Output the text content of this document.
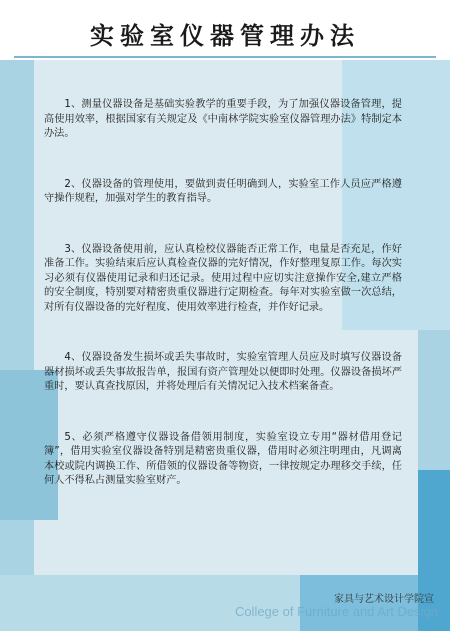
实验室仪器管理办法

1、测量仪器设备是基础实验教学的重要手段，为了加强仪器设备管理，提高使用效率，根据国家有关规定及《中南林学院实验室仪器管理办法》特制定本办法。

2、仪器设备的管理使用，要做到责任明确到人，实验室工作人员应严格遵守操作规程，加强对学生的教育指导。

3、仪器设备使用前，应认真检校仪器能否正常工作，电量是否充足，作好准备工作。实验结束后应认真检查仪器的完好情况，作好整理复原工作。每次实习必须有仪器使用记录和归还记录。使用过程中应切实注意操作安全,建立严格的安全制度，特别要对精密贵重仪器进行定期检查。每年对实验室做一次总结，对所有仪器设备的完好程度、使用效率进行检查，并作好记录。

4、仪器设备发生损坏或丢失事故时，实验室管理人员应及时填写仪器设备器材损坏或丢失事故报告单，报国有资产管理处以便即时处理。仪器设备损坏严重时，要认真查找原因，并将处理后有关情况记入技术档案备查。

5、必须严格遵守仪器设备借领用制度，实验室设立专用“器材借用登记簿”，借用实验室仪器设备特别是精密贵重仪器，借用时必须注明理由，凡调离本校或院内调换工作、所借领的仪器设备等物资，一律按规定办理移交手续，任何人不得私占测量实验室财产。

家具与艺术设计学院宣
College of Furniture and Art Design
